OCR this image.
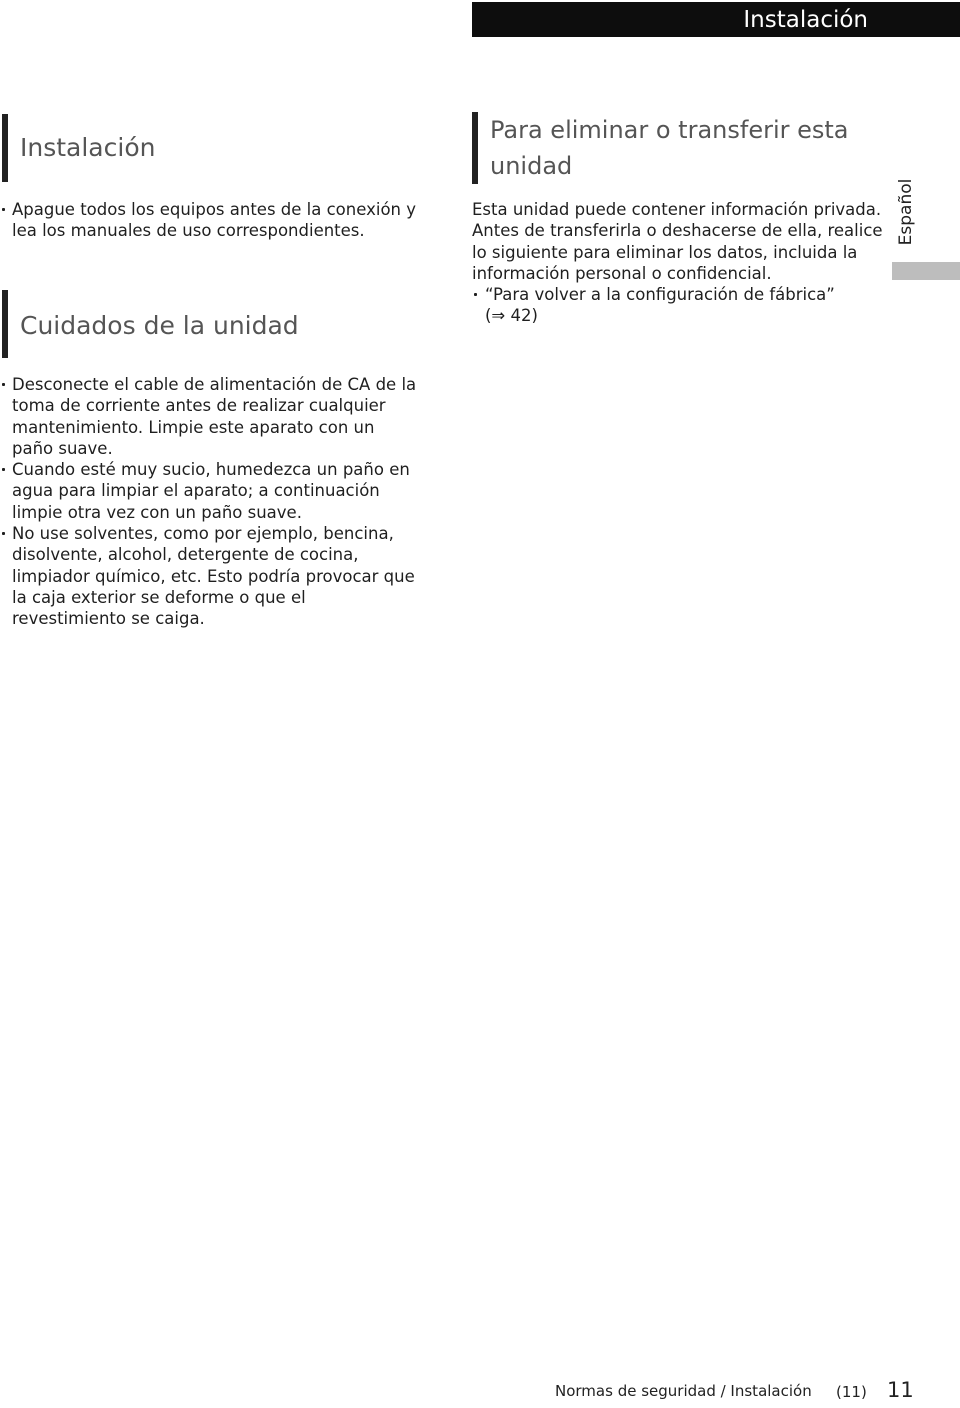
Instalación
Instalación
Apague todos los equipos antes de la conexión y lea los manuales de uso correspondientes.
Cuidados de la unidad
Desconecte el cable de alimentación de CA de la toma de corriente antes de realizar cualquier mantenimiento. Limpie este aparato con un paño suave.
Cuando esté muy sucio, humedezca un paño en agua para limpiar el aparato; a continuación limpie otra vez con un paño suave.
No use solventes, como por ejemplo, bencina, disolvente, alcohol, detergente de cocina, limpiador químico, etc. Esto podría provocar que la caja exterior se deforme o que el revestimiento se caiga.
Para eliminar o transferir esta
unidad

Esta unidad puede contener información privada. Antes de transferirla o deshacerse de ella, realice lo siguiente para eliminar los datos, incluida la información personal o confidencial.

“Para volver a la configuración de fábrica”
(⇒ 42)
Español
Normas de seguridad / Instalación (11) 11
